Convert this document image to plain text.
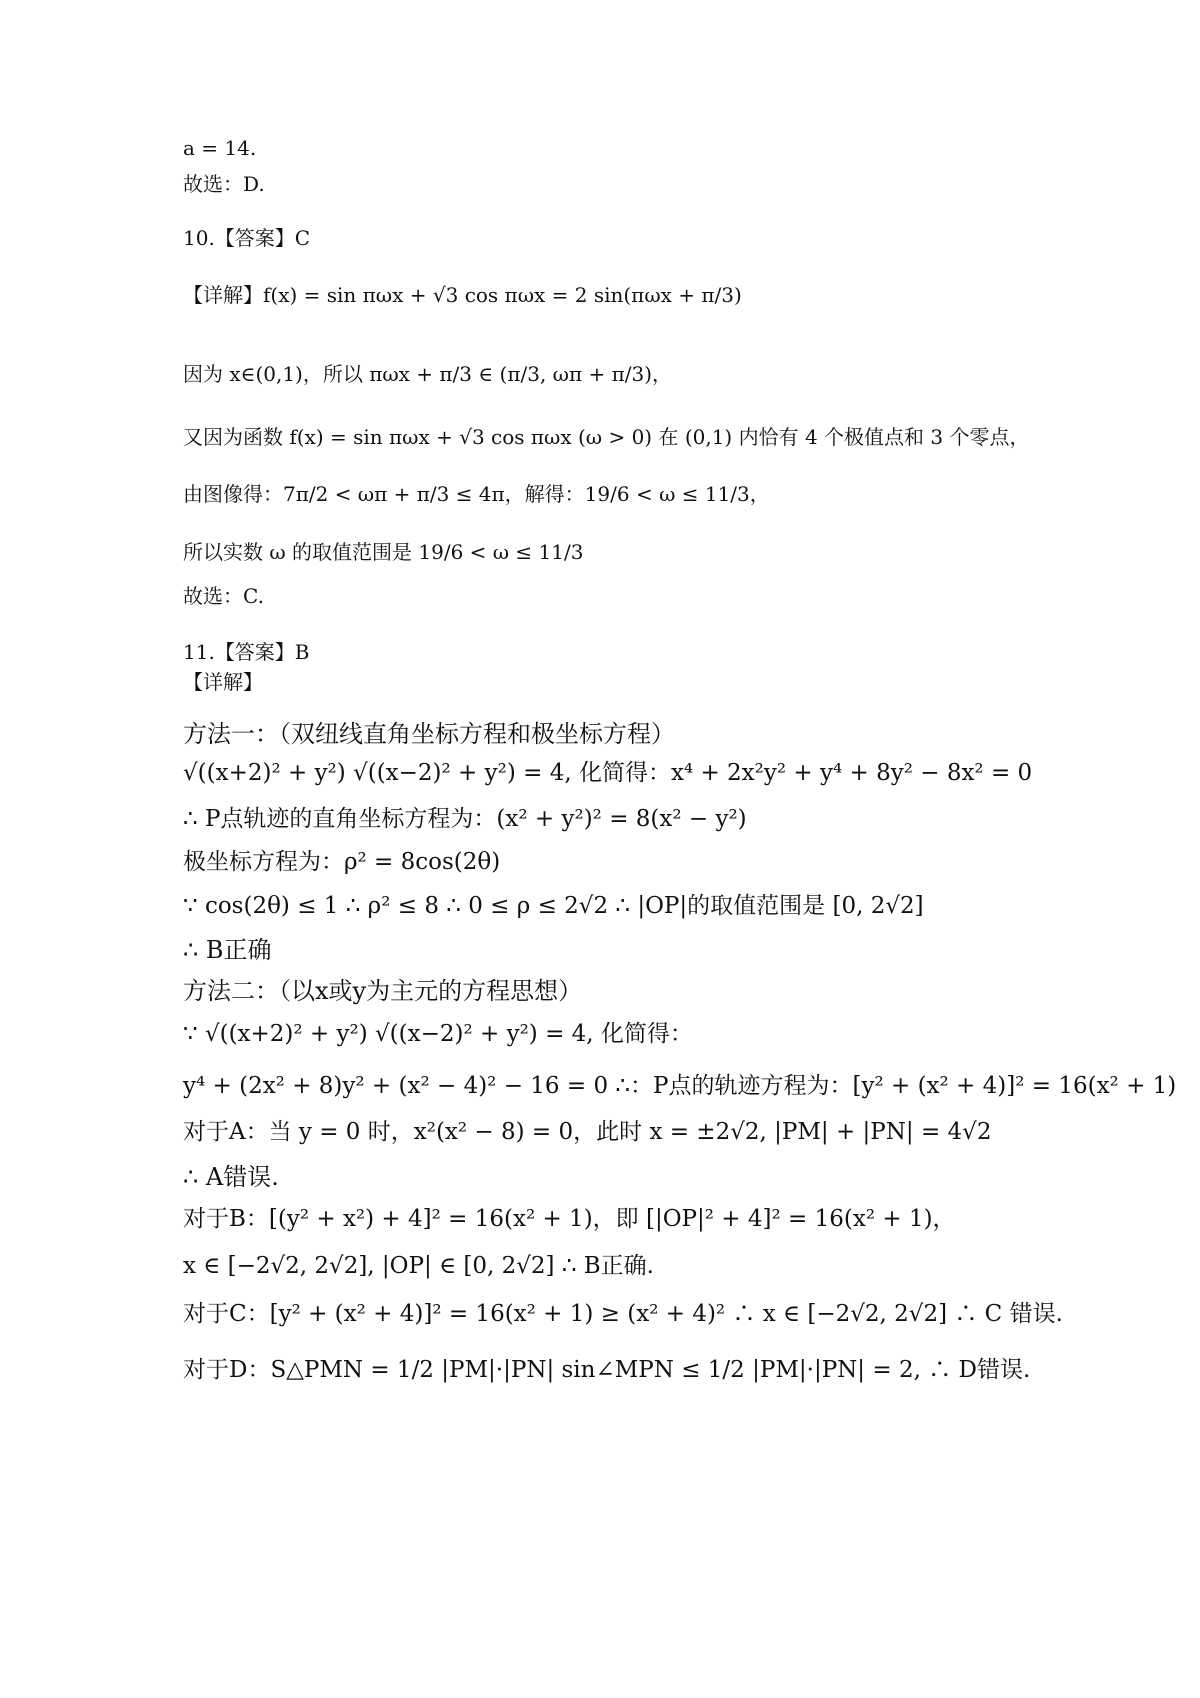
a = 14.
故选：D.
10.【答案】C
【详解】f(x) = sin πωx + √3 cos πωx = 2 sin(πωx + π/3)
因为 x∈(0,1)，所以 πωx + π/3 ∈ (π/3, ωπ + π/3)，
又因为函数 f(x) = sin πωx + √3 cos πωx (ω > 0) 在 (0,1) 内恰有 4 个极值点和 3 个零点，
由图像得：7π/2 < ωπ + π/3 ≤ 4π，解得：19/6 < ω ≤ 11/3，
所以实数 ω 的取值范围是 19/6 < ω ≤ 11/3
故选：C.
11.【答案】B
【详解】
方法一：（双纽线直角坐标方程和极坐标方程）
√((x+2)² + y²) √((x−2)² + y²) = 4, 化简得：x⁴ + 2x²y² + y⁴ + 8y² − 8x² = 0
∴ P点轨迹的直角坐标方程为：(x² + y²)² = 8(x² − y²)
极坐标方程为：ρ² = 8cos(2θ)
∵ cos(2θ) ≤ 1 ∴ ρ² ≤ 8 ∴ 0 ≤ ρ ≤ 2√2 ∴ |OP|的取值范围是 [0, 2√2]
∴ B正确
方法二：（以x或y为主元的方程思想）
∵ √((x+2)² + y²) √((x−2)² + y²) = 4, 化简得：
y⁴ + (2x² + 8)y² + (x² − 4)² − 16 = 0 ∴：P点的轨迹方程为：[y² + (x² + 4)]² = 16(x² + 1)
对于A：当 y = 0 时，x²(x² − 8) = 0，此时 x = ±2√2, |PM| + |PN| = 4√2
∴ A错误.
对于B：[(y² + x²) + 4]² = 16(x² + 1)，即 [|OP|² + 4]² = 16(x² + 1)，
x ∈ [−2√2, 2√2], |OP| ∈ [0, 2√2] ∴ B正确.
对于C：[y² + (x² + 4)]² = 16(x² + 1) ≥ (x² + 4)² ∴ x ∈ [−2√2, 2√2] ∴ C 错误.
对于D：S△PMN = 1/2 |PM|·|PN| sin∠MPN ≤ 1/2 |PM|·|PN| = 2, ∴ D错误.
